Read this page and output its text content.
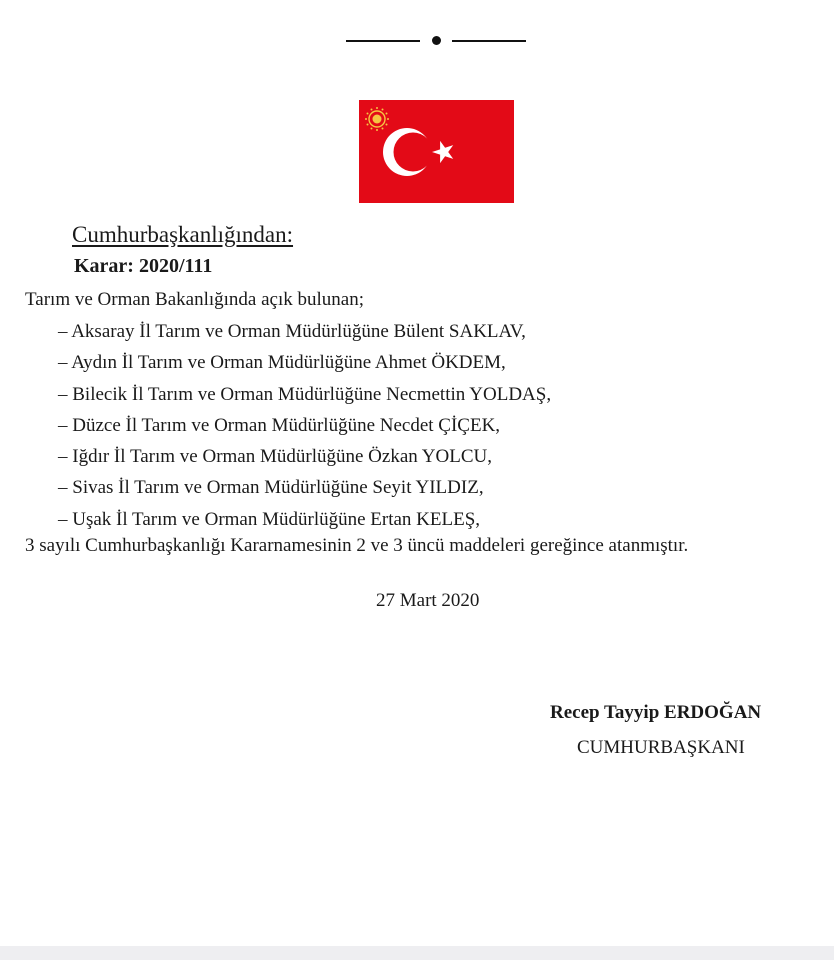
Cumhurbaşkanlığından:
Karar: 2020/111
Tarım ve Orman Bakanlığında açık bulunan;
– Aksaray İl Tarım ve Orman Müdürlüğüne Bülent SAKLAV,
– Aydın İl Tarım ve Orman Müdürlüğüne Ahmet ÖKDEM,
– Bilecik İl Tarım ve Orman Müdürlüğüne Necmettin YOLDAŞ,
– Düzce İl Tarım ve Orman Müdürlüğüne Necdet ÇİÇEK,
– Iğdır İl Tarım ve Orman Müdürlüğüne Özkan YOLCU,
– Sivas İl Tarım ve Orman Müdürlüğüne Seyit YILDIZ,
– Uşak İl Tarım ve Orman Müdürlüğüne Ertan KELEŞ,
3 sayılı Cumhurbaşkanlığı Kararnamesinin 2 ve 3 üncü maddeleri gereğince atanmıştır.
27 Mart 2020
Recep Tayyip ERDOĞAN
CUMHURBAŞKANI
